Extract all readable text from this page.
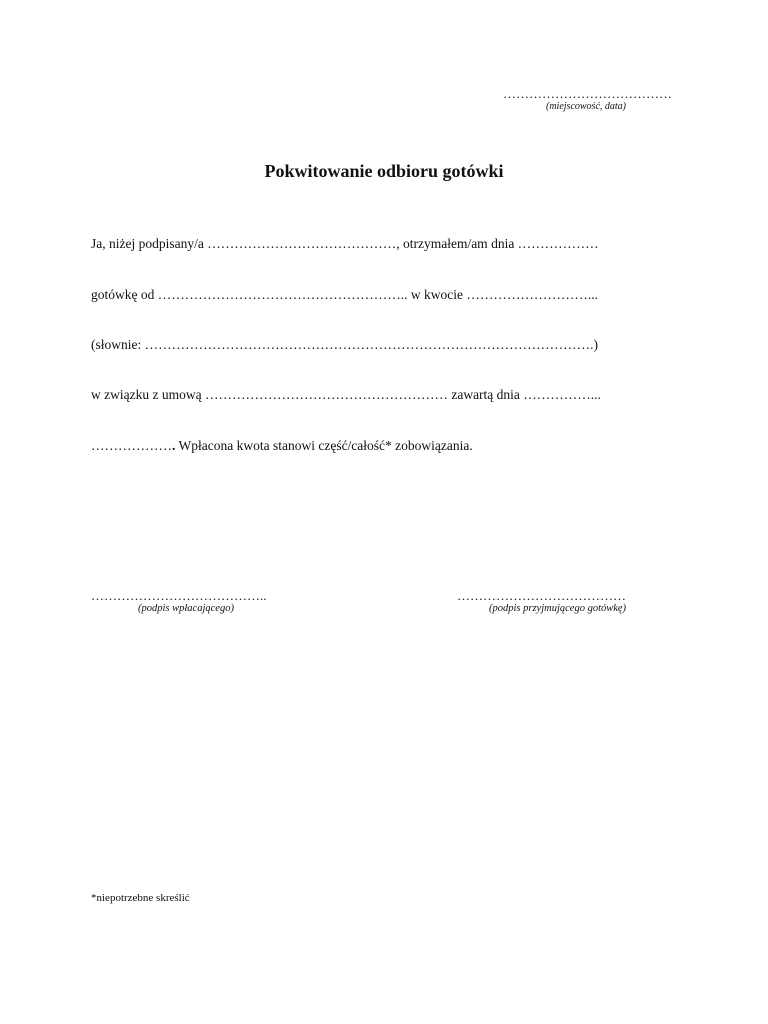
…………………………………
(miejscowość, data)
Pokwitowanie odbioru gotówki
Ja, niżej podpisany/a ……………………………………, otrzymałem/am dnia ………………
gotówkę od ……………………………………………….. w kwocie ………………………...
(słownie: ……………………………………………………………………………………….)
w związku z umową ……………………………………………… zawartą dnia ……………...
………………. Wpłacona kwota stanowi część/całość* zobowiązania.
…………………………………..
(podpis wpłacającego)
…………………………………
(podpis przyjmującego gotówkę)
*niepotrzebne skreślić
